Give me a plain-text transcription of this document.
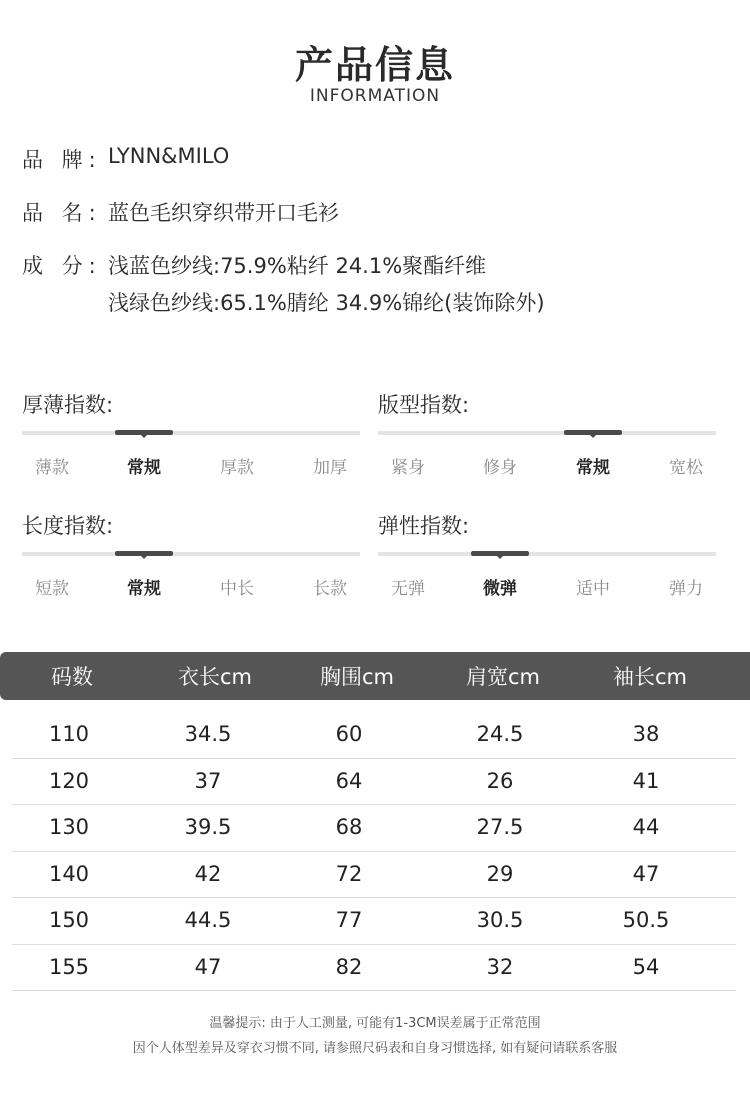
产品信息
INFORMATION
品 牌: LYNN&MILO
品 名: 蓝色毛织穿织带开口毛衫
成 分: 浅蓝色纱线:75.9%粘纤 24.1%聚酯纤维
浅绿色纱线:65.1%腈纶 34.9%锦纶(装饰除外)
厚薄指数:
薄款	常规	厚款	加厚
版型指数:
紧身	修身	常规	宽松
长度指数:
短款	常规	中长	长款
弹性指数:
无弹	微弹	适中	弹力
码数	衣长cm	胸围cm	肩宽cm	袖长cm
110	34.5	60	24.5	38
120	37	64	26	41
130	39.5	68	27.5	44
140	42	72	29	47
150	44.5	77	30.5	50.5
155	47	82	32	54
温馨提示: 由于人工测量, 可能有1-3CM误差属于正常范围
因个人体型差异及穿衣习惯不同, 请参照尺码表和自身习惯选择, 如有疑问请联系客服
